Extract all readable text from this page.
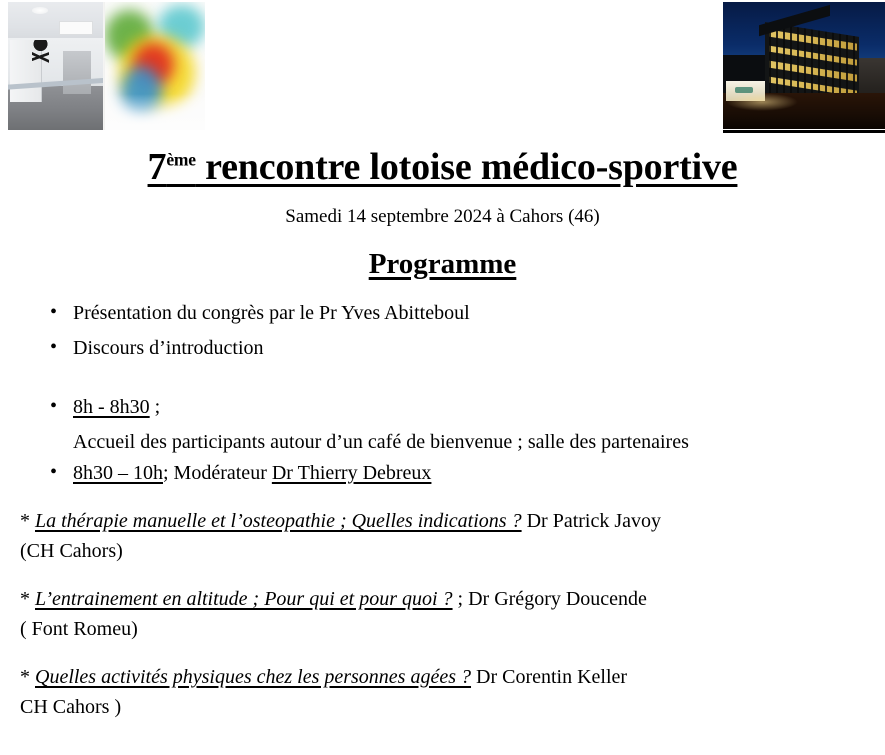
7ème rencontre lotoise médico-sportive

Samedi 14 septembre 2024 à Cahors (46)

Programme
• Présentation du congrès par le Pr Yves Abitteboul
• Discours d’introduction
• 8h - 8h30 ;
Accueil des participants autour d’un café de bienvenue ; salle des partenaires
• 8h30 – 10h; Modérateur Dr Thierry Debreux

* La thérapie manuelle et l’osteopathie ; Quelles indications ? Dr Patrick Javoy
(CH Cahors)

* L’entrainement en altitude ; Pour qui et pour quoi ? ; Dr Grégory Doucende
( Font Romeu)

* Quelles activités physiques chez les personnes agées ? Dr Corentin Keller
CH Cahors )
